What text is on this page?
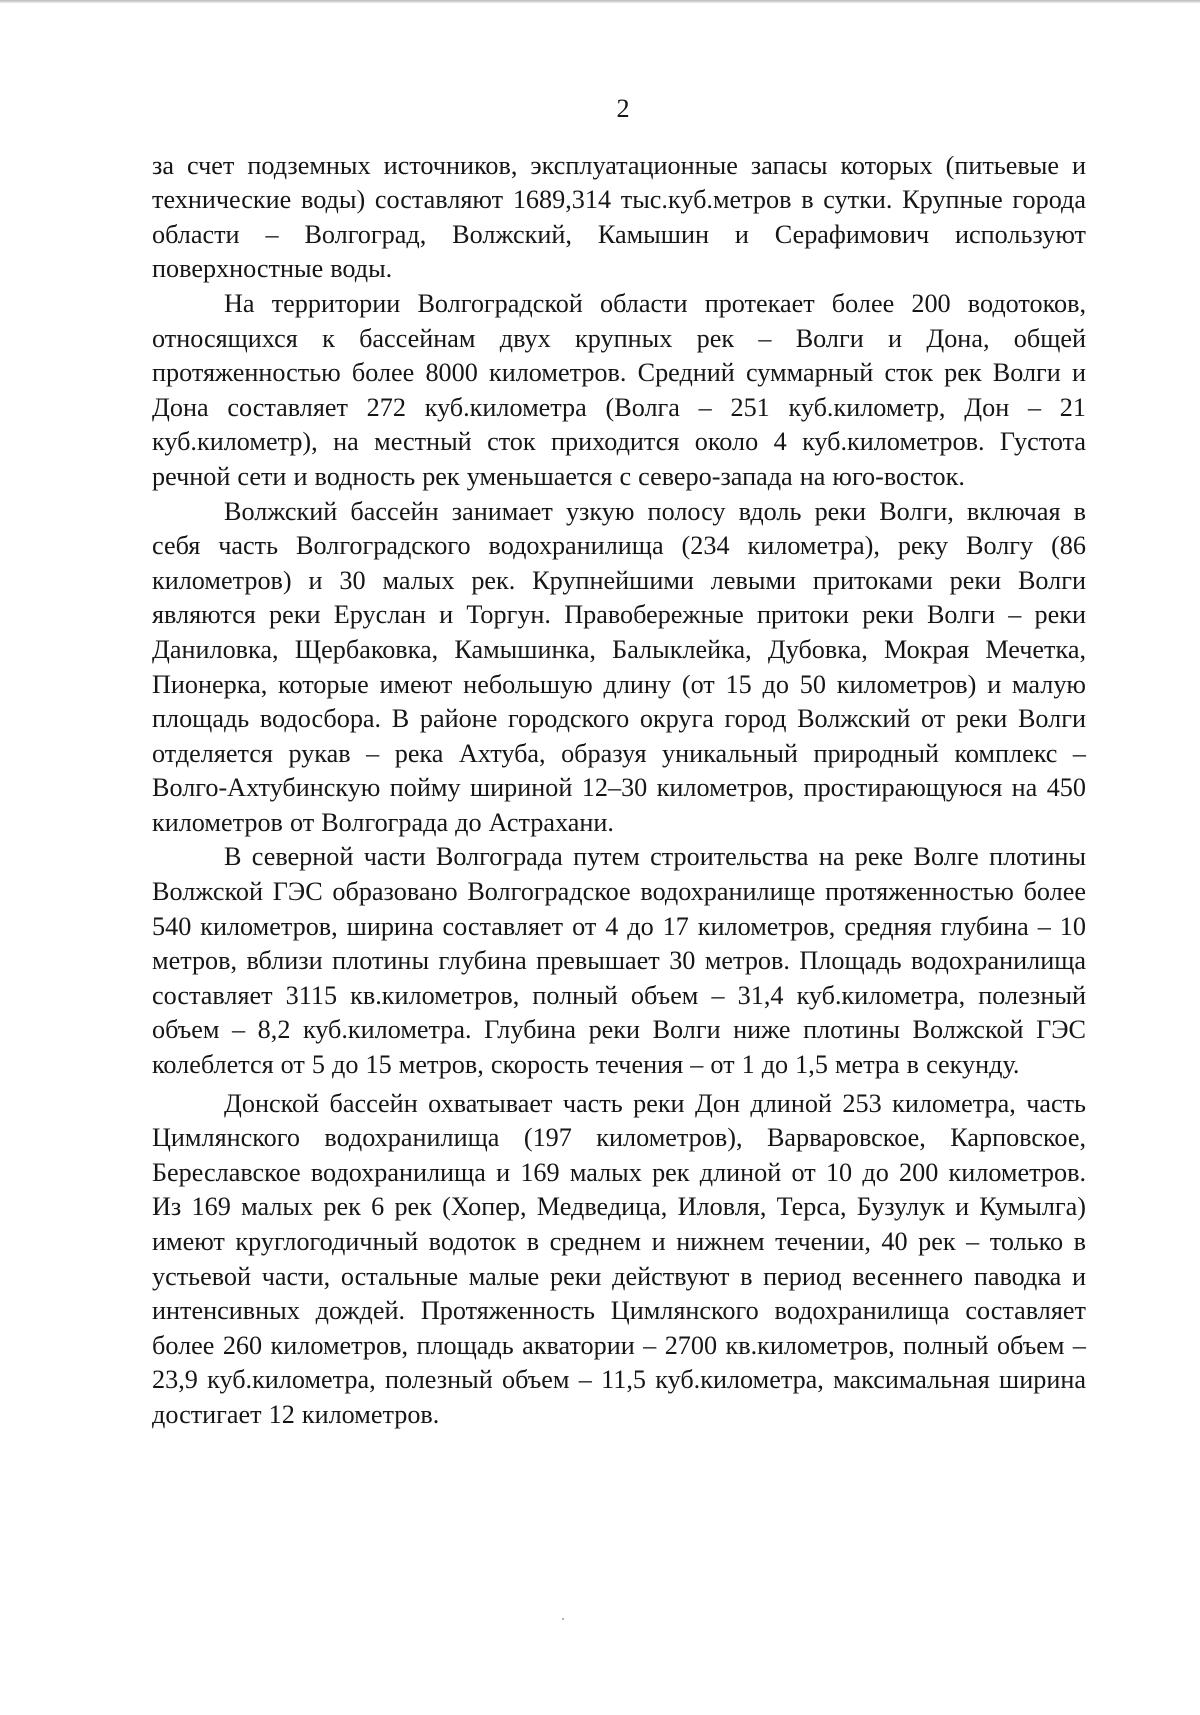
2

за счет подземных источников, эксплуатационные запасы которых (питьевые и технические воды) составляют 1689,314 тыс.куб.метров в сутки. Крупные города области – Волгоград, Волжский, Камышин и Серафимович используют поверхностные воды.

На территории Волгоградской области протекает более 200 водотоков, относящихся к бассейнам двух крупных рек – Волги и Дона, общей протяженностью более 8000 километров. Средний суммарный сток рек Волги и Дона составляет 272 куб.километра (Волга – 251 куб.километр, Дон – 21 куб.километр), на местный сток приходится около 4 куб.километров. Густота речной сети и водность рек уменьшается с северо-запада на юго-восток.

Волжский бассейн занимает узкую полосу вдоль реки Волги, включая в себя часть Волгоградского водохранилища (234 километра), реку Волгу (86 километров) и 30 малых рек. Крупнейшими левыми притоками реки Волги являются реки Еруслан и Торгун. Правобережные притоки реки Волги – реки Даниловка, Щербаковка, Камышинка, Балыклейка, Дубовка, Мокрая Мечетка, Пионерка, которые имеют небольшую длину (от 15 до 50 километров) и малую площадь водосбора. В районе городского округа город Волжский от реки Волги отделяется рукав – река Ахтуба, образуя уникальный природный комплекс – Волго-Ахтубинскую пойму шириной 12–30 километров, простирающуюся на 450 километров от Волгограда до Астрахани.

В северной части Волгограда путем строительства на реке Волге плотины Волжской ГЭС образовано Волгоградское водохранилище протяженностью более 540 километров, ширина составляет от 4 до 17 километров, средняя глубина – 10 метров, вблизи плотины глубина превышает 30 метров. Площадь водохранилища составляет 3115 кв.километров, полный объем – 31,4 куб.километра, полезный объем – 8,2 куб.километра. Глубина реки Волги ниже плотины Волжской ГЭС колеблется от 5 до 15 метров, скорость течения – от 1 до 1,5 метра в секунду.

Донской бассейн охватывает часть реки Дон длиной 253 километра, часть Цимлянского водохранилища (197 километров), Варваровское, Карповское, Береславское водохранилища и 169 малых рек длиной от 10 до 200 километров. Из 169 малых рек 6 рек (Хопер, Медведица, Иловля, Терса, Бузулук и Кумылга) имеют круглогодичный водоток в среднем и нижнем течении, 40 рек – только в устьевой части, остальные малые реки действуют в период весеннего паводка и интенсивных дождей. Протяженность Цимлянского водохранилища составляет более 260 километров, площадь акватории – 2700 кв.километров, полный объем – 23,9 куб.километра, полезный объем – 11,5 куб.километра, максимальная ширина достигает 12 километров.
